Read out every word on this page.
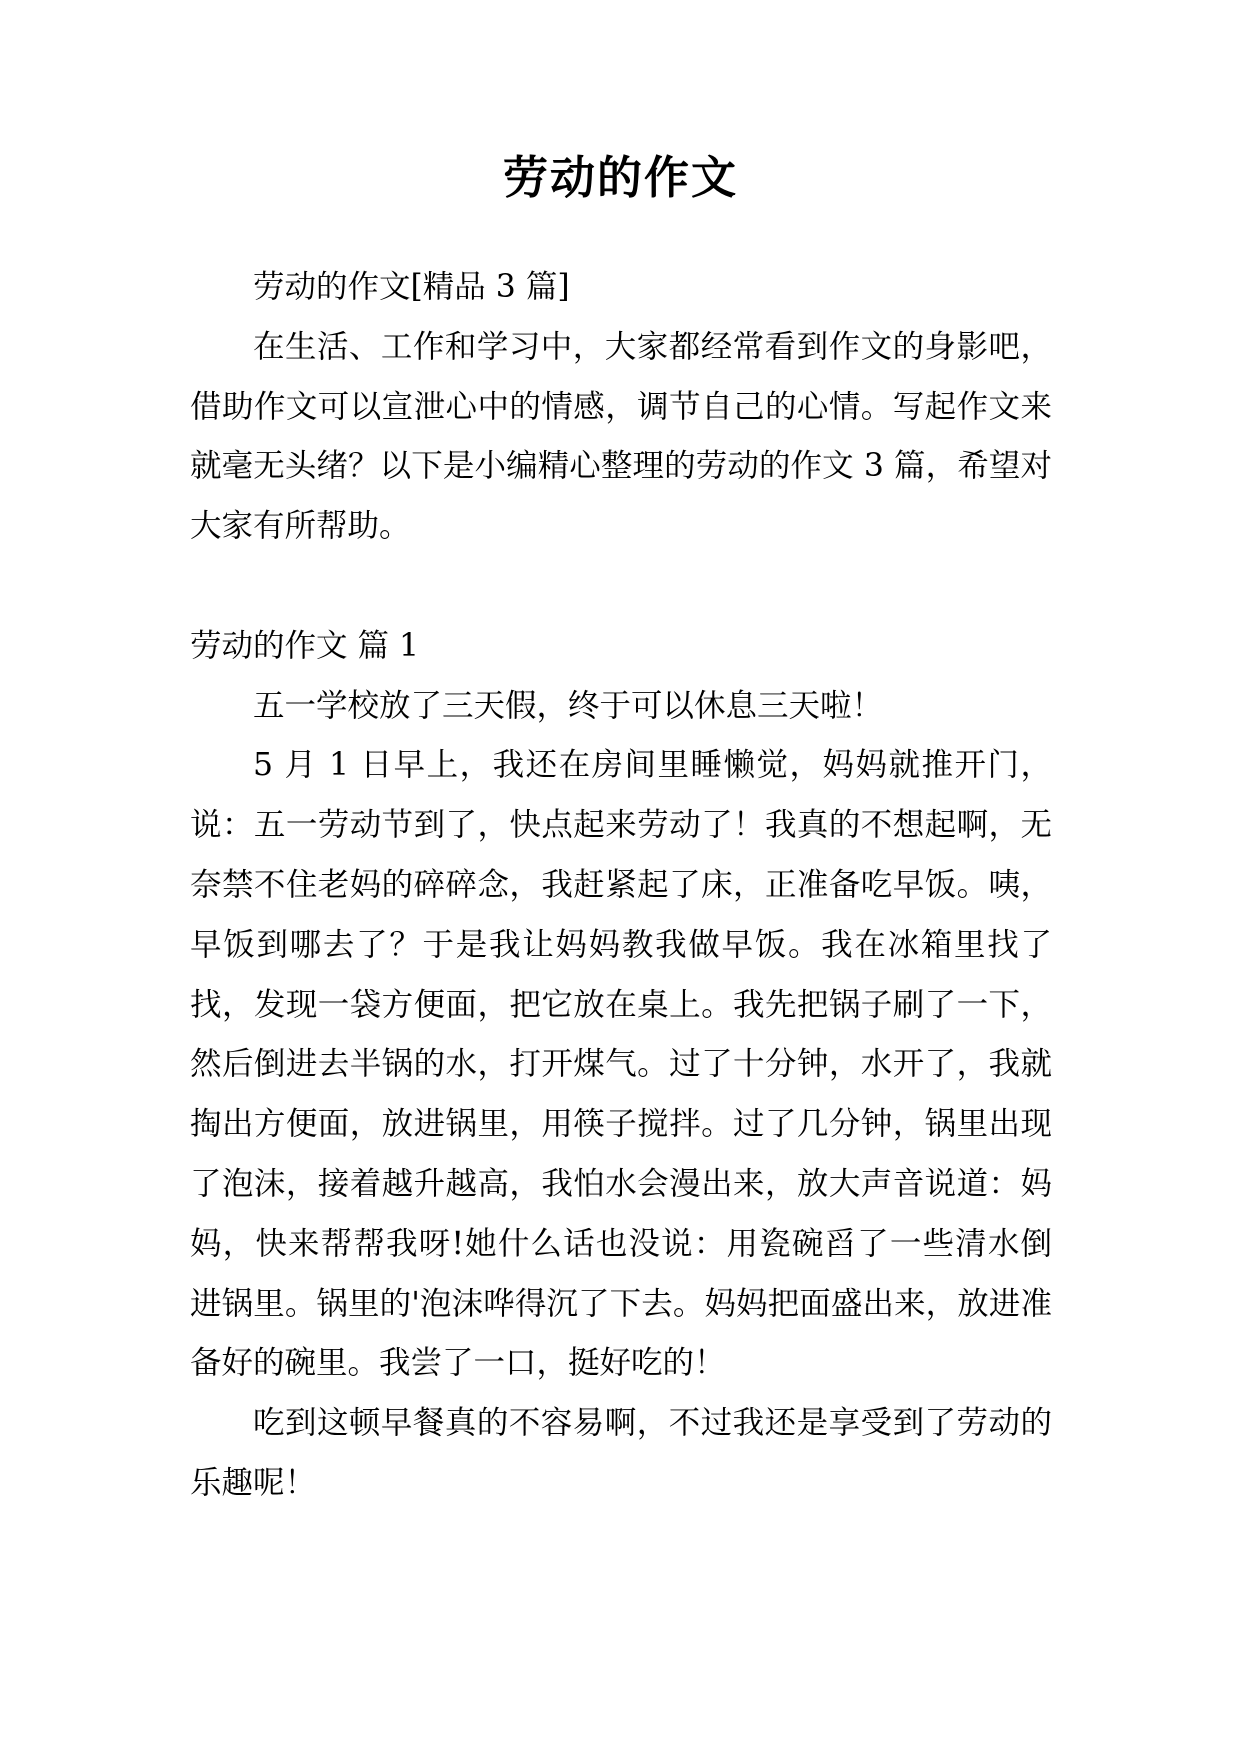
劳动的作文

劳动的作文[精品 3 篇]

在生活、工作和学习中，大家都经常看到作文的身影吧，借助作文可以宣泄心中的情感，调节自己的心情。写起作文来就毫无头绪？以下是小编精心整理的劳动的作文 3 篇，希望对大家有所帮助。

劳动的作文 篇 1

五一学校放了三天假，终于可以休息三天啦！

5 月 1 日早上，我还在房间里睡懒觉，妈妈就推开门，说：五一劳动节到了，快点起来劳动了！我真的不想起啊，无奈禁不住老妈的碎碎念，我赶紧起了床，正准备吃早饭。咦，早饭到哪去了？于是我让妈妈教我做早饭。我在冰箱里找了找，发现一袋方便面，把它放在桌上。我先把锅子刷了一下，然后倒进去半锅的水，打开煤气。过了十分钟，水开了，我就掏出方便面，放进锅里，用筷子搅拌。过了几分钟，锅里出现了泡沫，接着越升越高，我怕水会漫出来，放大声音说道：妈妈，快来帮帮我呀!她什么话也没说：用瓷碗舀了一些清水倒进锅里。锅里的'泡沫哗得沉了下去。妈妈把面盛出来，放进准备好的碗里。我尝了一口，挺好吃的！

吃到这顿早餐真的不容易啊，不过我还是享受到了劳动的乐趣呢！
